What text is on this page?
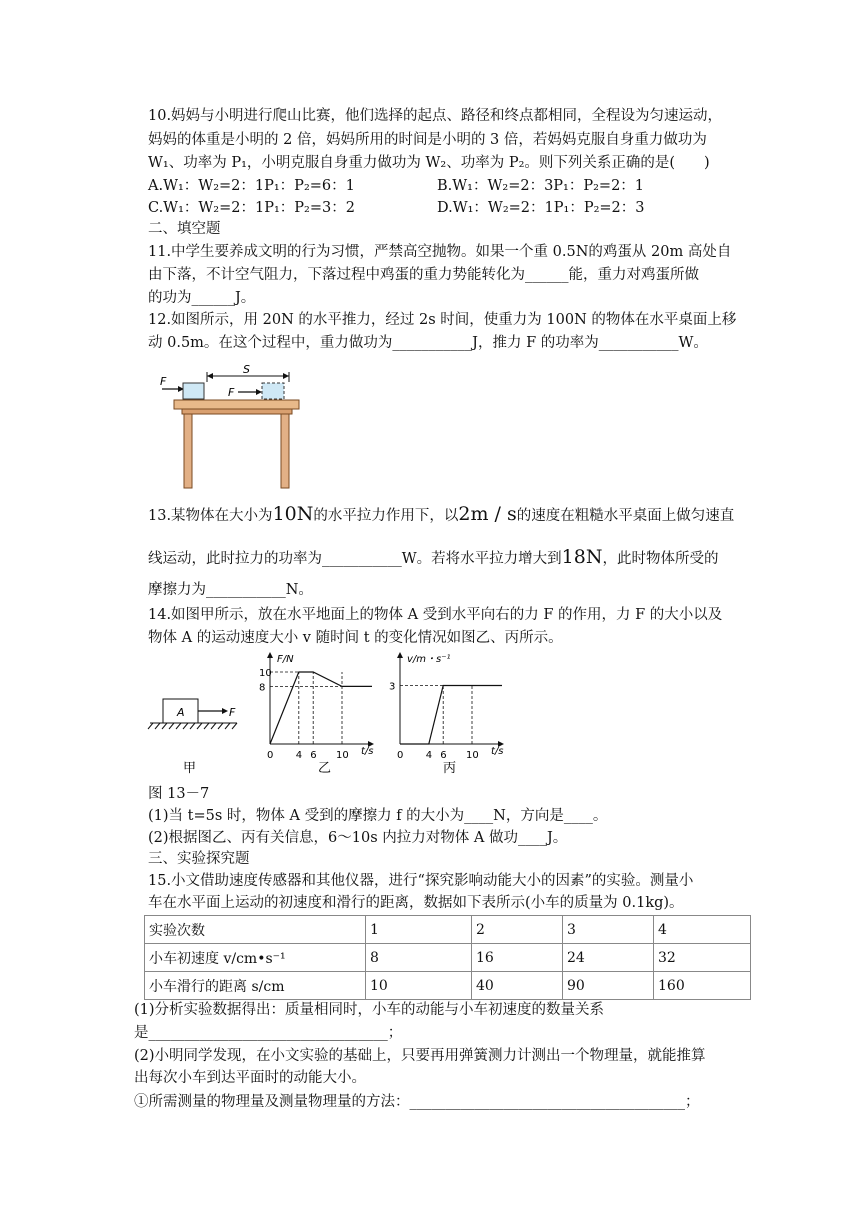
10.妈妈与小明进行爬山比赛，他们选择的起点、路径和终点都相同，全程设为匀速运动，
妈妈的体重是小明的 2 倍，妈妈所用的时间是小明的 3 倍，若妈妈克服自身重力做功为
W₁、功率为 P₁，小明克服自身重力做功为 W₂、功率为 P₂。则下列关系正确的是(　　)
A.W₁：W₂=2：1P₁：P₂=6：1	B.W₁：W₂=2：3P₁：P₂=2：1
C.W₁：W₂=2：1P₁：P₂=3：2	D.W₁：W₂=2：1P₁：P₂=2：3
二、填空题
11.中学生要养成文明的行为习惯，严禁高空抛物。如果一个重 0.5N的鸡蛋从 20m 高处自
由下落，不计空气阻力，下落过程中鸡蛋的重力势能转化为______能，重力对鸡蛋所做
的功为______J。
12.如图所示，用 20N 的水平推力，经过 2s 时间，使重力为 100N 的物体在水平桌面上移
动 0.5m。在这个过程中，重力做功为___________J，推力 F 的功率为___________W。
S
F
F
13.某物体在大小为10N的水平拉力作用下，以2m / s的速度在粗糙水平桌面上做匀速直
线运动，此时拉力的功率为___________W。若将水平拉力增大到18N，此时物体所受的
摩擦力为___________N。
14.如图甲所示，放在水平地面上的物体 A 受到水平向右的力 F 的作用，力 F 的大小以及
物体 A 的运动速度大小 v 随时间 t 的变化情况如图乙、丙所示。
A	F
甲
F/N
t/s
10
8
0 4 6 10
乙
v/m・s⁻¹
t/s
3
0 4 6 10
丙
图 13－7
(1)当 t=5s 时，物体 A 受到的摩擦力 f 的大小为____N，方向是____。
(2)根据图乙、丙有关信息，6～10s 内拉力对物体 A 做功____J。
三、实验探究题
15.小文借助速度传感器和其他仪器，进行“探究影响动能大小的因素”的实验。测量小
车在水平面上运动的初速度和滑行的距离，数据如下表所示(小车的质量为 0.1kg)。
实验次数	1	2	3	4
小车初速度 v/cm•s⁻¹	8	16	24	32
小车滑行的距离 s/cm	10	40	90	160
(1)分析实验数据得出：质量相同时，小车的动能与小车初速度的数量关系
是_________________________________；
(2)小明同学发现，在小文实验的基础上，只要再用弹簧测力计测出一个物理量，就能推算
出每次小车到达平面时的动能大小。
①所需测量的物理量及测量物理量的方法：______________________________________；
